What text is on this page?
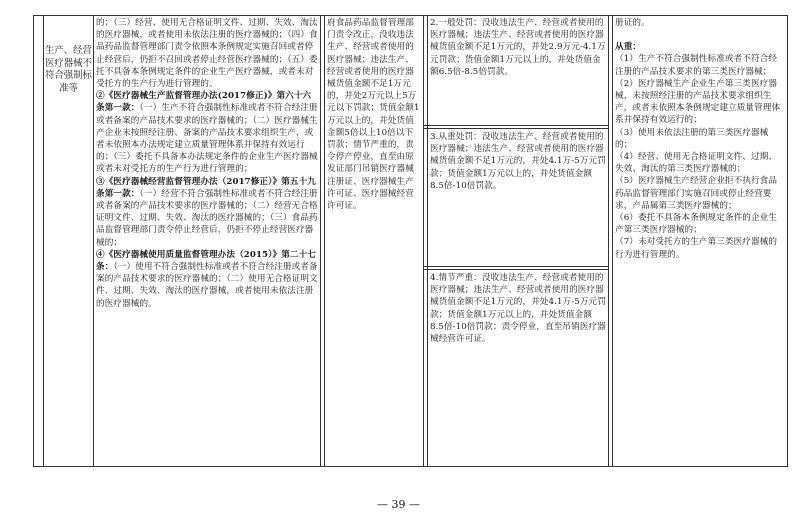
生产、经营医疗器械不符合强制标准等

的；（三）经营、使用无合格证明文件、过期、失效、淘汰的医疗器械，或者使用未依法注册的医疗器械的；（四）食品药品监督管理部门责令依照本条例规定实施召回或者停止经营后，仍拒不召回或者停止经营医疗器械的；（五）委托不具备本条例规定条件的企业生产医疗器械，或者未对受托方的生产行为进行管理的。

②《医疗器械生产监督管理办法(2017修正)》第六十六条第一款：（一）生产不符合强制性标准或者不符合经注册或者备案的产品技术要求的医疗器械的；（二）医疗器械生产企业未按照经注册、备案的产品技术要求组织生产，或者未依照本办法规定建立质量管理体系并保持有效运行的；（三）委托不具备本办法规定条件的企业生产医疗器械或者未对受托方的生产行为进行管理的；

③《医疗器械经营监督管理办法（2017修正）》第五十九条第一款：（一）经营不符合强制性标准或者不符合经注册或者备案的产品技术要求的医疗器械的；（二）经营无合格证明文件、过期、失效、淘汰的医疗器械的；（三）食品药品监督管理部门责令停止经营后，仍拒不停止经营医疗器械的；

④《医疗器械使用质量监督管理办法（2015）》第二十七条：（一）使用不符合强制性标准或者不符合经注册或者备案的产品技术要求的医疗器械的；（二）使用无合格证明文件、过期、失效、淘汰的医疗器械，或者使用未依法注册的医疗器械的。

府食品药品监督管理部门责令改正，没收违法生产、经营或者使用的医疗器械；违法生产、经营或者使用的医疗器械货值金额不足1万元的，并处2万元以上5万元以下罚款；货值金额1万元以上的，并处货值金额5倍以上10倍以下罚款；情节严重的，责令停产停业，直至由原发证部门吊销医疗器械注册证、医疗器械生产许可证、医疗器械经营许可证。
2.一般处罚：没收违法生产、经营或者使用的医疗器械；违法生产、经营或者使用的医疗器械货值金额不足1万元的，并处2.9万元-4.1万元罚款；货值金额1万元以上的，并处货值金额6.5倍-8.5倍罚款。
3.从重处罚：没收违法生产、经营或者使用的医疗器械；违法生产、经营或者使用的医疗器械货值金额不足1万元的，并处4.1万-5万元罚款；货值金额1万元以上的，并处货值金额8.5倍-10倍罚款。
4.情节严重：没收违法生产、经营或者使用的医疗器械；违法生产、经营或者使用的医疗器械货值金额不足1万元的，并处4.1万-5万元罚款；货值金额1万元以上的，并处货值金额8.5倍-10倍罚款；责令停业，直至吊销医疗器械经营许可证。

册证的。

从重：

（1）生产不符合强制性标准或者不符合经注册的产品技术要求的第三类医疗器械；

（2）医疗器械生产企业生产第三类医疗器械，未按照经注册的产品技术要求组织生产，或者未依照本条例规定建立质量管理体系并保持有效运行的；

（3）使用未依法注册的第三类医疗器械的；

（4）经营、使用无合格证明文件、过期、失效、淘汰的第三类医疗器械的；

（5）医疗器械生产经营企业拒不执行食品药品监督管理部门实施召回或停止经营要求，产品属第三类医疗器械的；

（6）委托不具备本条例规定条件的企业生产第三类医疗器械的；

（7）未对受托方的生产第三类医疗器械的行为进行管理的。

— 39 —
